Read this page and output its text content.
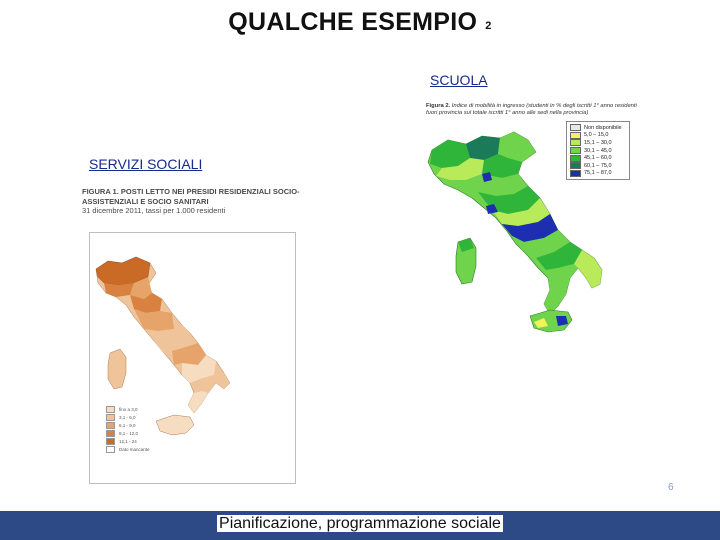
QUALCHE ESEMPIO $_2$
SCUOLA
SERVIZI SOCIALI
FIGURA 1. POSTI LETTO NEI PRESIDI RESIDENZIALI SOCIO-
ASSISTENZIALI E SOCIO SANITARI
31 dicembre 2011, tassi per 1.000 residenti
fino a 3,0
3,1 - 6,0
6,1 - 9,0
9,1 - 12,0
12,1 - 24
Dato mancante
Figura 2. Indice di mobilità in ingresso (studenti in % degli iscritti 1° anno residenti
fuori provincia sul totale iscritti 1° anno alle sedi nella provincia)
Non disponibile
5,0 – 15,0
15,1 – 30,0
30,1 – 45,0
45,1 – 60,0
60,1 – 75,0
75,1 – 87,0
6
Pianificazione, programmazione sociale
